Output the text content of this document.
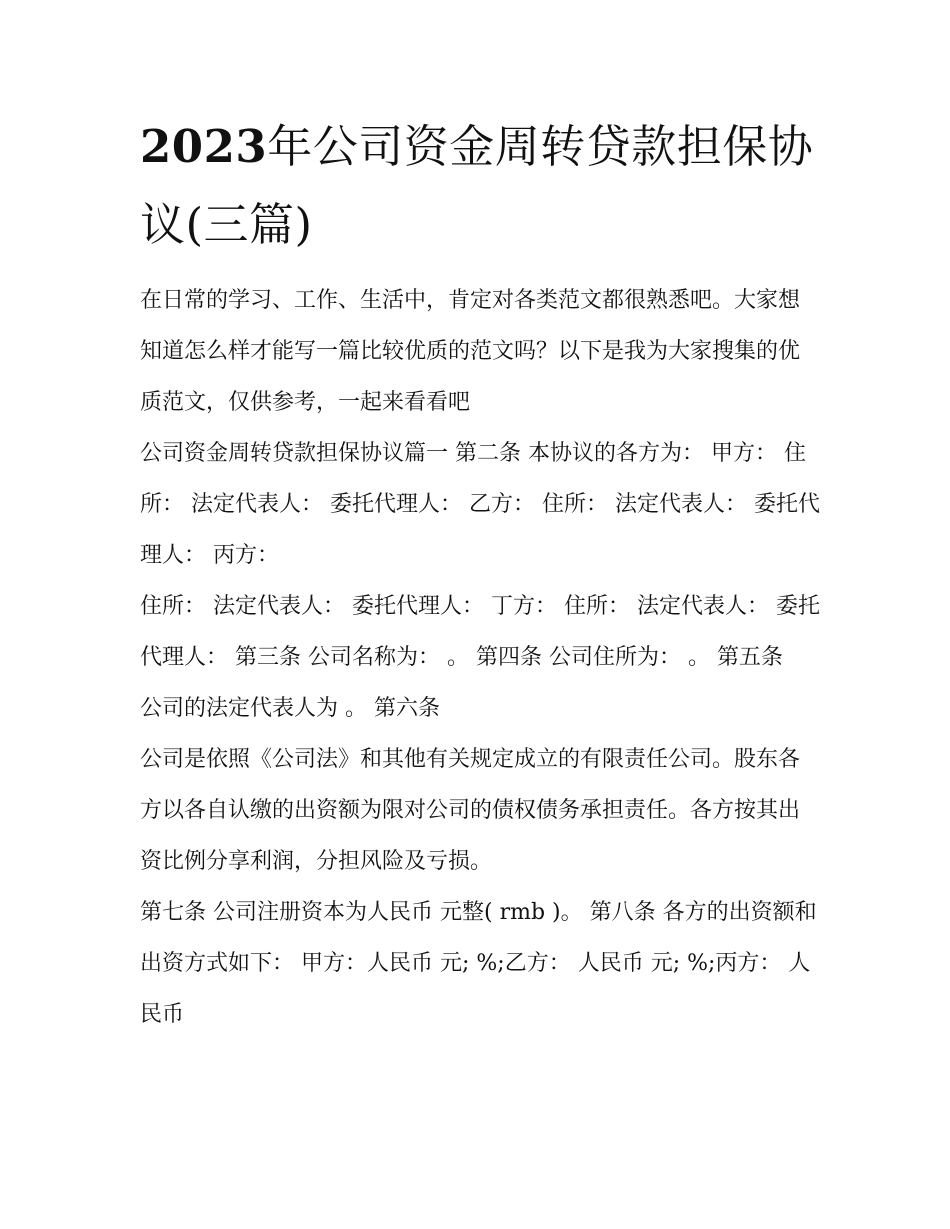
2023年公司资金周转贷款担保协议(三篇)

在日常的学习、工作、生活中，肯定对各类范文都很熟悉吧。大家想知道怎么样才能写一篇比较优质的范文吗？以下是我为大家搜集的优质范文，仅供参考，一起来看看吧

公司资金周转贷款担保协议篇一 第二条 本协议的各方为： 甲方： 住所： 法定代表人： 委托代理人： 乙方： 住所： 法定代表人： 委托代理人： 丙方：

住所： 法定代表人： 委托代理人： 丁方： 住所： 法定代表人： 委托代理人： 第三条 公司名称为： 。 第四条 公司住所为： 。 第五条

公司的法定代表人为 。 第六条

公司是依照《公司法》和其他有关规定成立的有限责任公司。股东各方以各自认缴的出资额为限对公司的债权债务承担责任。各方按其出资比例分享利润，分担风险及亏损。

第七条 公司注册资本为人民币 元整( rmb )。 第八条 各方的出资额和出资方式如下： 甲方：人民币 元; %;乙方： 人民币 元; %;丙方： 人民币
